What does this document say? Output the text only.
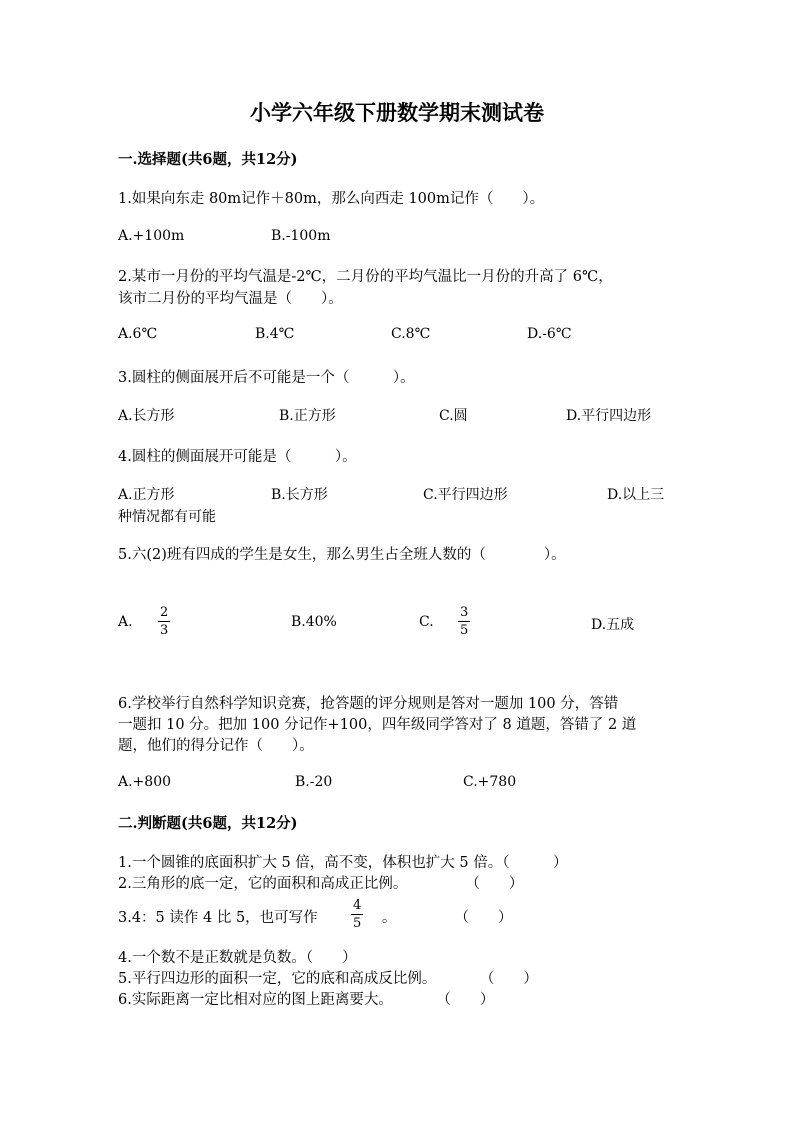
小学六年级下册数学期末测试卷
一.选择题(共6题，共12分)
1.如果向东走 80m记作＋80m，那么向西走 100m记作（　　）。
A.+100m	B.-100m
2.某市一月份的平均气温是-2℃，二月份的平均气温比一月份的升高了 6℃，
该市二月份的平均气温是（　　）。
A.6℃	B.4℃	C.8℃	D.-6℃
3.圆柱的侧面展开后不可能是一个（　　　）。
A.长方形	B.正方形	C.圆	D.平行四边形
4.圆柱的侧面展开可能是（　　　）。
A.正方形	B.长方形	C.平行四边形	D.以上三
种情况都有可能
5.六(2)班有四成的学生是女生，那么男生占全班人数的（　　　　）。
A.
2
3
B.40%	C.
3
5	D.五成
6.学校举行自然科学知识竞赛，抢答题的评分规则是答对一题加 100 分，答错
一题扣 10 分。把加 100 分记作+100，四年级同学答对了 8 道题，答错了 2 道
题，他们的得分记作（　　）。
A.+800	B.-20	C.+780
二.判断题(共6题，共12分)
1.一个圆锥的底面积扩大 5 倍，高不变，体积也扩大 5 倍。（　　　）
2.三角形的底一定，它的面积和高成正比例。　　　　　（　　）
3.4：5 读作 4 比 5，也可写作
4
5 。　　　　　（　　）
4.一个数不是正数就是负数。（　　）
5.平行四边形的面积一定，它的底和高成反比例。　　　　（　　）
6.实际距离一定比相对应的图上距离要大。　　　　（　　）
